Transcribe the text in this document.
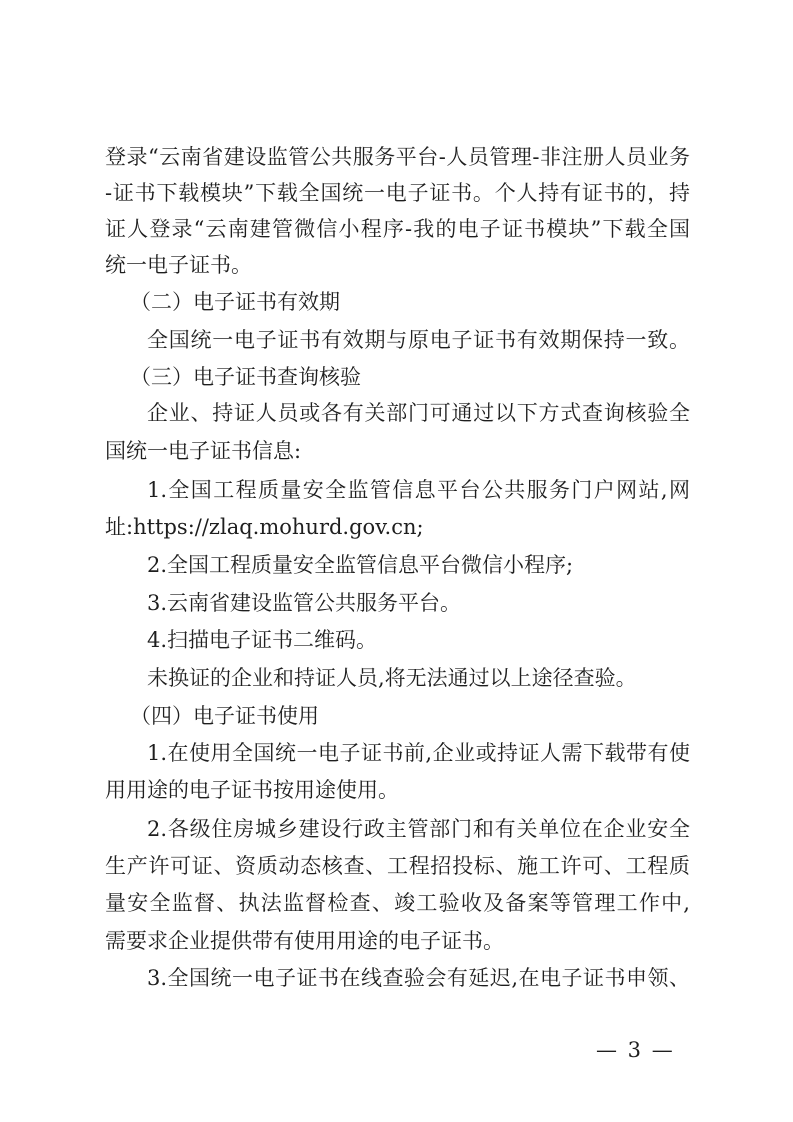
登录“云南省建设监管公共服务平台-人员管理-非注册人员业务
-证书下载模块”下载全国统一电子证书。个人持有证书的，持
证人登录“云南建管微信小程序-我的电子证书模块”下载全国
统一电子证书。
（二）电子证书有效期
全国统一电子证书有效期与原电子证书有效期保持一致。
（三）电子证书查询核验
企业、持证人员或各有关部门可通过以下方式查询核验全
国统一电子证书信息:
1.全国工程质量安全监管信息平台公共服务门户网站,网
址:https://zlaq.mohurd.gov.cn;
2.全国工程质量安全监管信息平台微信小程序;
3.云南省建设监管公共服务平台。
4.扫描电子证书二维码。
未换证的企业和持证人员,将无法通过以上途径查验。
（四）电子证书使用
1.在使用全国统一电子证书前,企业或持证人需下载带有使
用用途的电子证书按用途使用。
2.各级住房城乡建设行政主管部门和有关单位在企业安全
生产许可证、资质动态核查、工程招投标、施工许可、工程质
量安全监督、执法监督检查、竣工验收及备案等管理工作中,
需要求企业提供带有使用用途的电子证书。
3.全国统一电子证书在线查验会有延迟,在电子证书申领、
— 3 —
